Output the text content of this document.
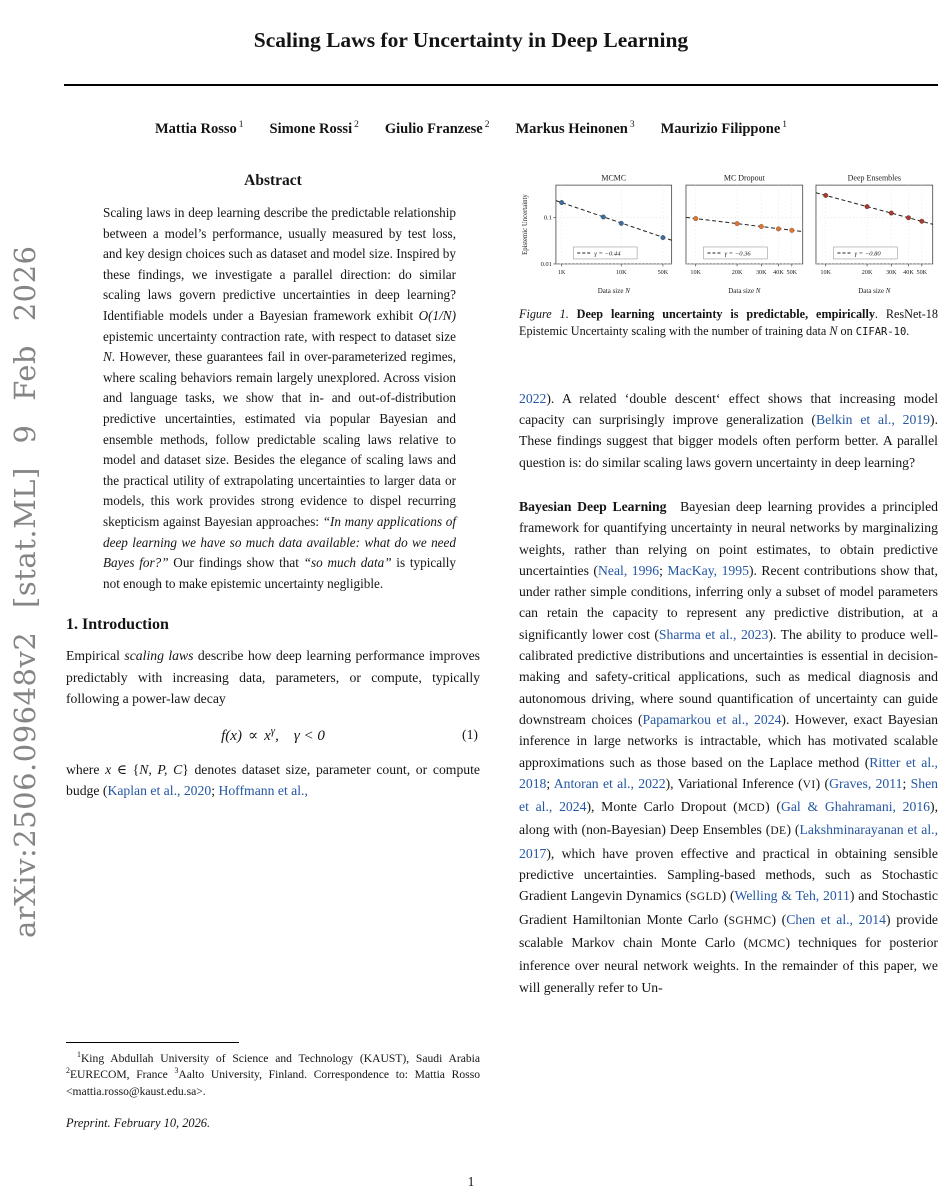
arXiv:2506.09648v2 [stat.ML] 9 Feb 2026
Scaling Laws for Uncertainty in Deep Learning
Mattia Rosso $^1$ Simone Rossi $^2$ Giulio Franzese $^2$ Markus Heinonen $^3$ Maurizio Filippone $^1$
Abstract

Scaling laws in deep learning describe the predictable relationship between a model’s performance, usually measured by test loss, and key design choices such as dataset and model size. Inspired by these findings, we investigate a parallel direction: do similar scaling laws govern predictive uncertainties in deep learning? Identifiable models under a Bayesian framework exhibit O(1/N) epistemic uncertainty contraction rate, with respect to dataset size N. However, these guarantees fail in over-parameterized regimes, where scaling behaviors remain largely unexplored. Across vision and language tasks, we show that in- and out-of-distribution predictive uncertainties, estimated via popular Bayesian and ensemble methods, follow predictable scaling laws relative to model and dataset size. Besides the elegance of scaling laws and the practical utility of extrapolating uncertainties to larger data or models, this work provides strong evidence to dispel recurring skepticism against Bayesian approaches: “In many applications of deep learning we have so much data available: what do we need Bayes for?” Our findings show that “so much data” is typically not enough to make epistemic uncertainty negligible.

1. Introduction

Empirical scaling laws describe how deep learning performance improves predictably with increasing data, parameters, or compute, typically following a power-law decay

$f(x) \propto x^\gamma$, γ < 0	(1)

where x ∈ {N, P, C} denotes dataset size, parameter count, or compute budge (Kaplan et al., 2020; Hoffmann et al.,

MCMC
0.1
0.01
Epistemic Uncertainty
1K	10K	50K
Data size N
γ = −0.44
MC Dropout
10K	20K 30K 40K 50K
Data size N
γ = −0.36
Deep Ensembles
10K	20K 30K 40K 50K
Data size N
γ = −0.80
Figure 1. Deep learning uncertainty is predictable, empirically. ResNet-18 Epistemic Uncertainty scaling with the number of training data N on CIFAR-10.

2022). A related ‘double descent‘ effect shows that increasing model capacity can surprisingly improve generalization (Belkin et al., 2019). These findings suggest that bigger models often perform better. A parallel question is: do similar scaling laws govern uncertainty in deep learning?

Bayesian Deep Learning Bayesian deep learning provides a principled framework for quantifying uncertainty in neural networks by marginalizing weights, rather than relying on point estimates, to obtain predictive uncertainties (Neal, 1996; MacKay, 1995). Recent contributions show that, under rather simple conditions, inferring only a subset of model parameters can retain the capacity to represent any predictive distribution, at a significantly lower cost (Sharma et al., 2023). The ability to produce well-calibrated predictive distributions and uncertainties is essential in decision-making and safety-critical applications, such as medical diagnosis and autonomous driving, where sound quantification of uncertainty can guide downstream choices (Papamarkou et al., 2024). However, exact Bayesian inference in large networks is intractable, which has motivated scalable approximations such as those based on the Laplace method (Ritter et al., 2018; Antoran et al., 2022), Variational Inference (VI) (Graves, 2011; Shen et al., 2024), Monte Carlo Dropout (MCD) (Gal & Ghahramani, 2016), along with (non-Bayesian) Deep Ensembles (DE) (Lakshminarayanan et al., 2017), which have proven effective and practical in obtaining sensible predictive uncertainties. Sampling-based methods, such as Stochastic Gradient Langevin Dynamics (SGLD) (Welling & Teh, 2011) and Stochastic Gradient Hamiltonian Monte Carlo (SGHMC) (Chen et al., 2014) provide scalable Markov chain Monte Carlo (MCMC) techniques for posterior inference over neural network weights. In the remainder of this paper, we will generally refer to Un-

$^1$King Abdullah University of Science and Technology (KAUST), Saudi Arabia $^2$EURECOM, France $^3$Aalto University, Finland. Correspondence to: Mattia Rosso <mattia.rosso@kaust.edu.sa>.

Preprint. February 10, 2026.

1
